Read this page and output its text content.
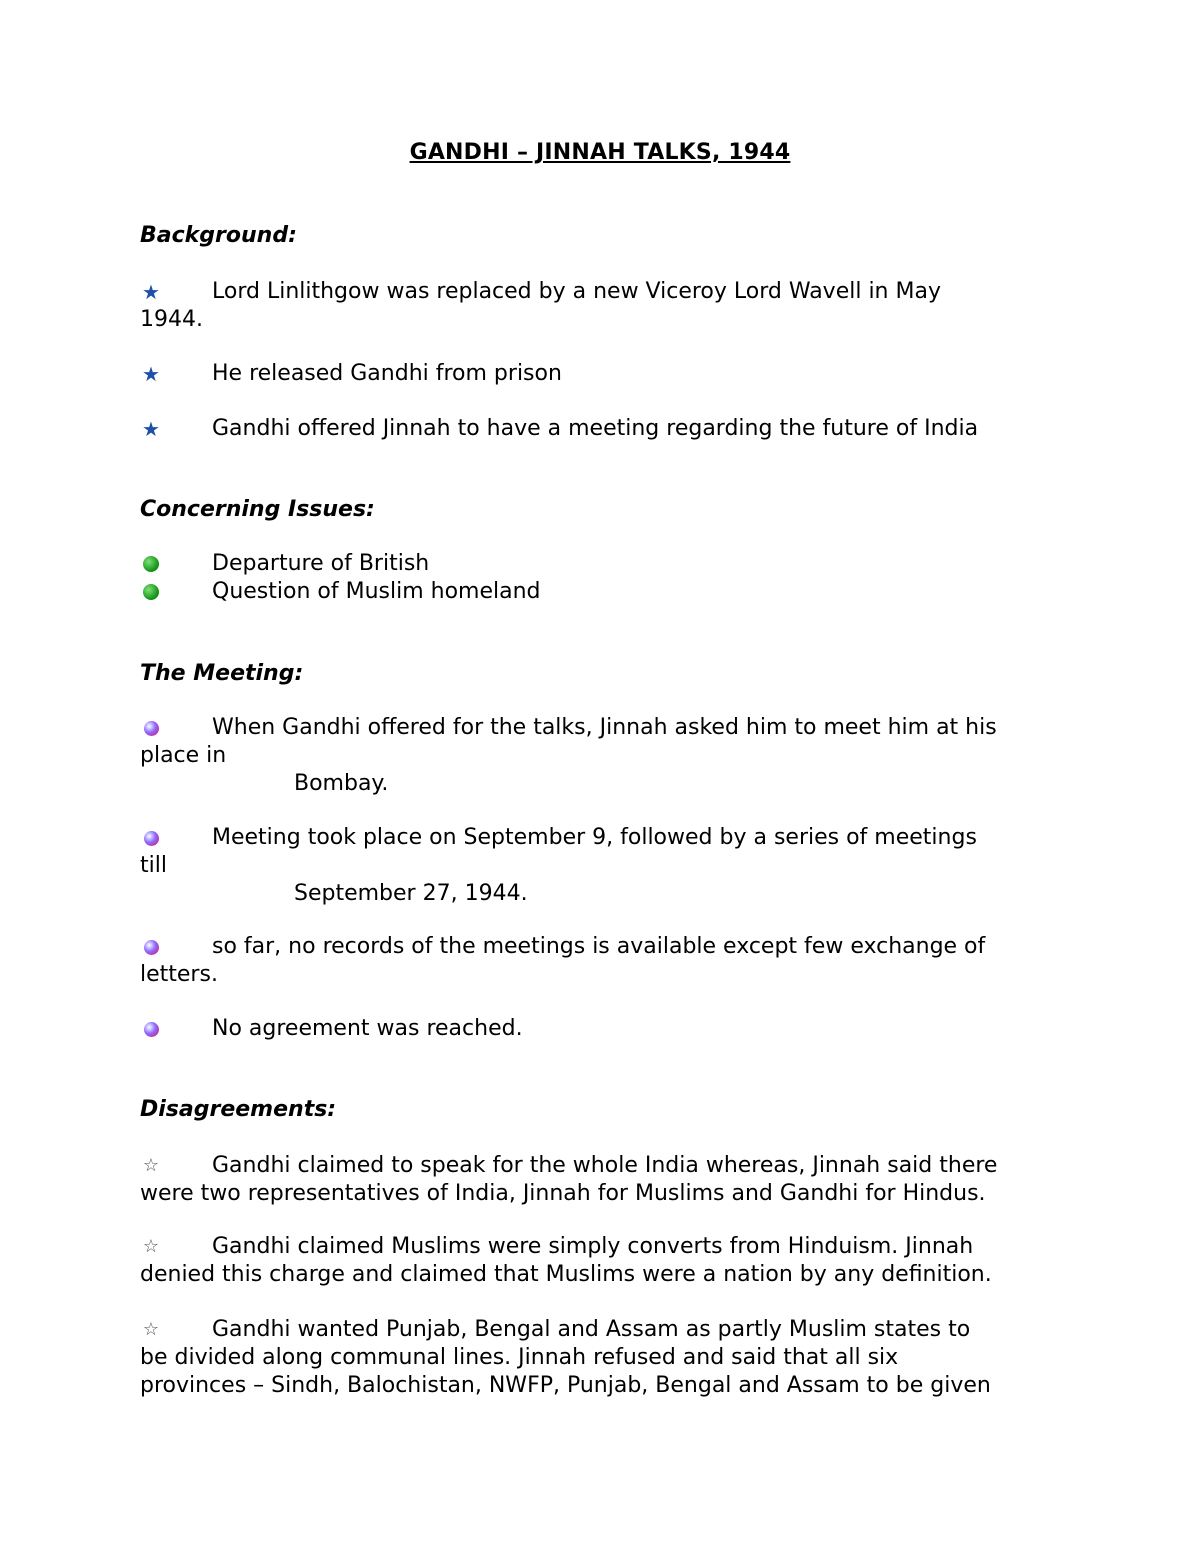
GANDHI – JINNAH TALKS, 1944
Background:
★	Lord Linlithgow was replaced by a new Viceroy Lord Wavell in May
1944.
★	He released Gandhi from prison
★	Gandhi offered Jinnah to have a meeting regarding the future of India
Concerning Issues:
Departure of British
Question of Muslim homeland
The Meeting:
When Gandhi offered for the talks, Jinnah asked him to meet him at his
place in
Bombay.
Meeting took place on September 9, followed by a series of meetings
till
September 27, 1944.
so far, no records of the meetings is available except few exchange of
letters.
No agreement was reached.
Disagreements:
☆	Gandhi claimed to speak for the whole India whereas, Jinnah said there
were two representatives of India, Jinnah for Muslims and Gandhi for Hindus.
☆	Gandhi claimed Muslims were simply converts from Hinduism. Jinnah
denied this charge and claimed that Muslims were a nation by any definition.
☆	Gandhi wanted Punjab, Bengal and Assam as partly Muslim states to
be divided along communal lines. Jinnah refused and said that all six
provinces – Sindh, Balochistan, NWFP, Punjab, Bengal and Assam to be given
